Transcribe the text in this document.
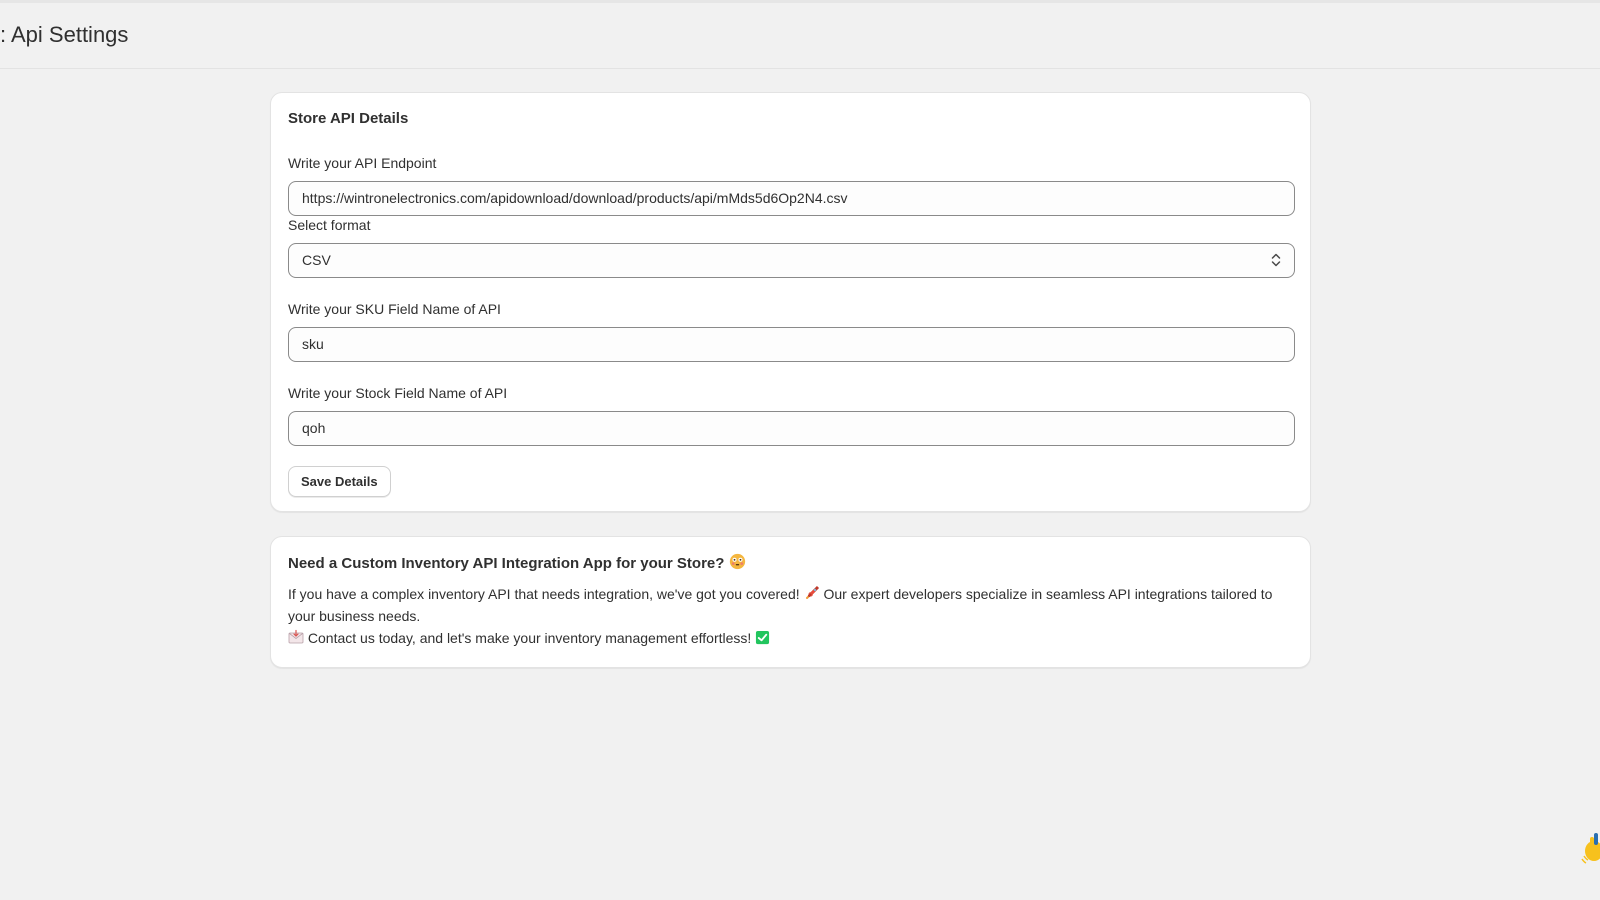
: Api Settings
Store API Details
Write your API Endpoint
https://wintronelectronics.com/apidownload/download/products/api/mMds5d6Op2N4.csv
Select format
CSV
Write your SKU Field Name of API
sku
Write your Stock Field Name of API
qoh
Save Details
Need a Custom Inventory API Integration App for your Store?
If you have a complex inventory API that needs integration, we've got you covered! Our expert developers specialize in seamless API integrations tailored to your business needs.
Contact us today, and let's make your inventory management effortless!
